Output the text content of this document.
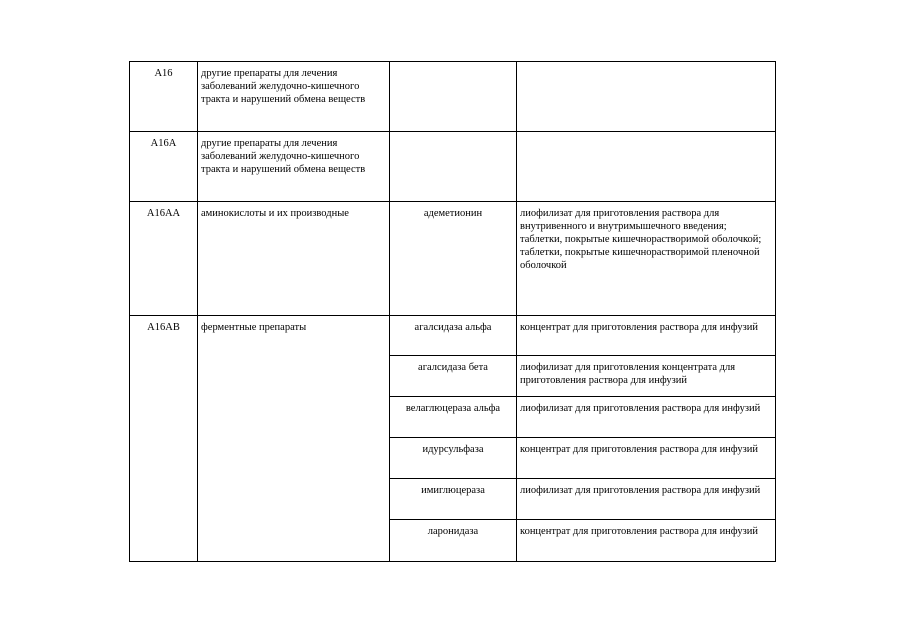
A16	другие препараты для лечения заболеваний желудочно-кишечного тракта и нарушений обмена веществ		
A16A	другие препараты для лечения заболеваний желудочно-кишечного тракта и нарушений обмена веществ		
A16AA	аминокислоты и их производные	адеметионин	лиофилизат для приготовления раствора для внутривенного и внутримышечного введения;
таблетки, покрытые кишечнорастворимой оболочкой;
таблетки, покрытые кишечнорастворимой пленочной оболочкой

A16AB	ферментные препараты	агалсидаза альфа	концентрат для приготовления раствора для инфузий
		агалсидаза бета	лиофилизат для приготовления концентрата для приготовления раствора для инфузий
		велаглюцераза альфа	лиофилизат для приготовления раствора для инфузий
		идурсульфаза	концентрат для приготовления раствора для инфузий
		имиглюцераза	лиофилизат для приготовления раствора для инфузий
		ларонидаза	концентрат для приготовления раствора для инфузий
